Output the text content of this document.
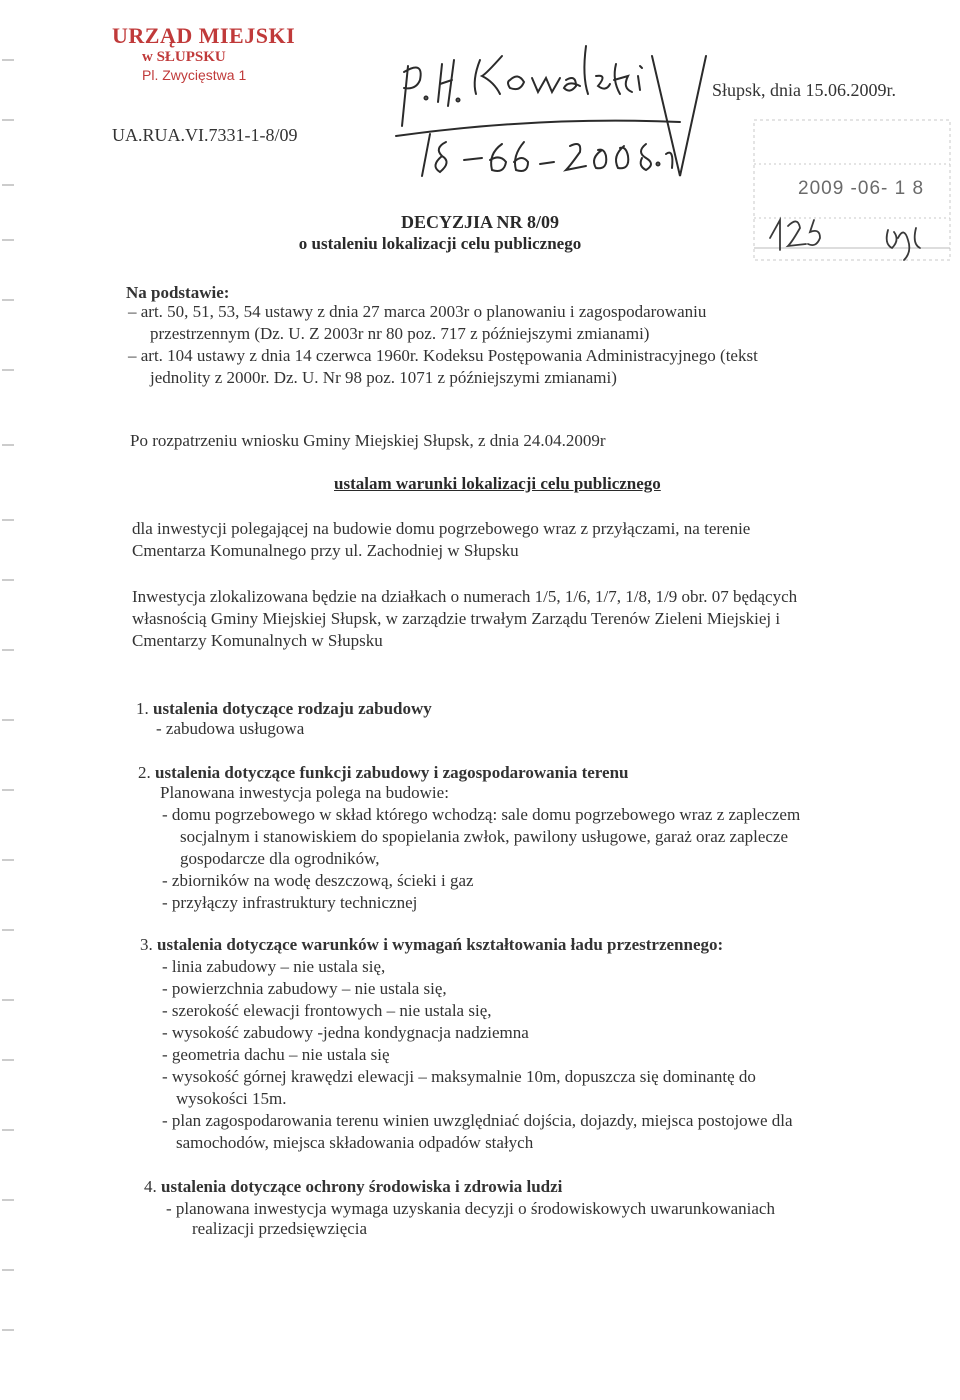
URZĄD MIEJSKI
w SŁUPSKU
Pl. Zwycięstwa 1
UA.RUA.VI.7331-1-8/09
Słupsk, dnia 15.06.2009r.
2009 -06- 1 8
DECYZJIA NR 8/09
o ustaleniu lokalizacji celu publicznego
Na podstawie:
– art. 50, 51, 53, 54 ustawy z dnia 27 marca 2003r o planowaniu i zagospodarowaniu
przestrzennym (Dz. U. Z 2003r nr 80 poz. 717 z późniejszymi zmianami)
– art. 104 ustawy z dnia 14 czerwca 1960r. Kodeksu Postępowania Administracyjnego (tekst
jednolity z 2000r. Dz. U. Nr 98 poz. 1071 z późniejszymi zmianami)
Po rozpatrzeniu wniosku Gminy Miejskiej Słupsk, z dnia 24.04.2009r
ustalam warunki lokalizacji celu publicznego
dla inwestycji polegającej na budowie domu pogrzebowego wraz z przyłączami, na terenie
Cmentarza Komunalnego przy ul. Zachodniej w Słupsku
Inwestycja zlokalizowana będzie na działkach o numerach 1/5, 1/6, 1/7, 1/8, 1/9 obr. 07 będących
własnością Gminy Miejskiej Słupsk, w zarządzie trwałym Zarządu Terenów Zieleni Miejskiej i
Cmentarzy Komunalnych w Słupsku
1. ustalenia dotyczące rodzaju zabudowy
- zabudowa usługowa
2. ustalenia dotyczące funkcji zabudowy i zagospodarowania terenu
Planowana inwestycja polega na budowie:
- domu pogrzebowego w skład którego wchodzą: sale domu pogrzebowego wraz z zapleczem
socjalnym i stanowiskiem do spopielania zwłok, pawilony usługowe, garaż oraz zaplecze
gospodarcze dla ogrodników,
- zbiorników na wodę deszczową, ścieki i gaz
- przyłączy infrastruktury technicznej
3. ustalenia dotyczące warunków i wymagań kształtowania ładu przestrzennego:
- linia zabudowy – nie ustala się,
- powierzchnia zabudowy – nie ustala się,
- szerokość elewacji frontowych – nie ustala się,
- wysokość zabudowy -jedna kondygnacja nadziemna
- geometria dachu – nie ustala się
- wysokość górnej krawędzi elewacji – maksymalnie 10m, dopuszcza się dominantę do
wysokości 15m.
- plan zagospodarowania terenu winien uwzględniać dojścia, dojazdy, miejsca postojowe dla
samochodów, miejsca składowania odpadów stałych
4. ustalenia dotyczące ochrony środowiska i zdrowia ludzi
- planowana inwestycja wymaga uzyskania decyzji o środowiskowych uwarunkowaniach
realizacji przedsięwzięcia
